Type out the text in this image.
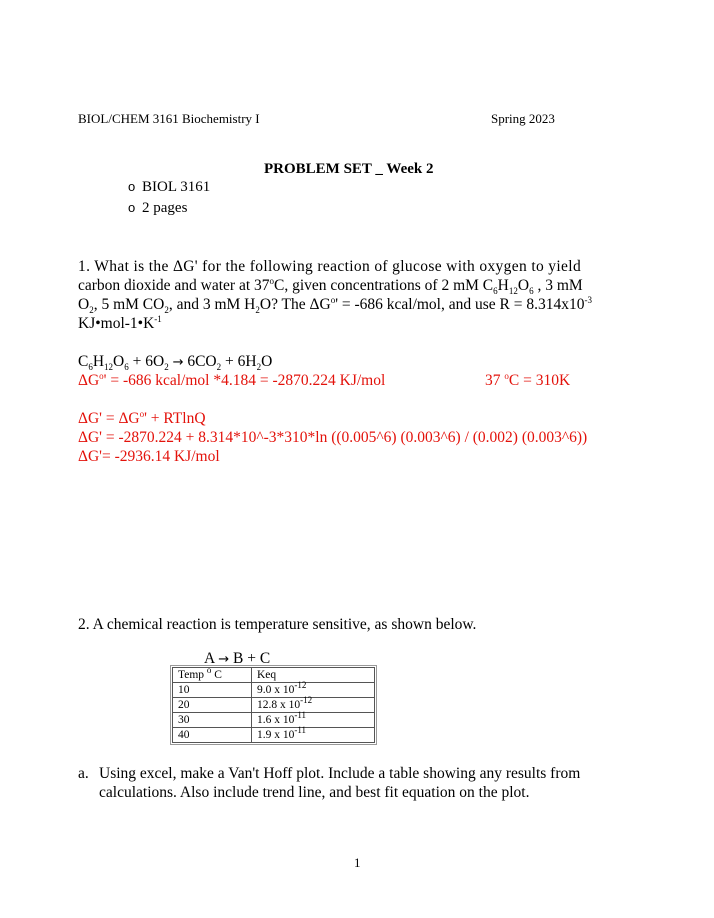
BIOL/CHEM 3161 Biochemistry I	Spring 2023
PROBLEM SET _ Week 2
o BIOL 3161
o 2 pages
1. What is the ΔG' for the following reaction of glucose with oxygen to yield
carbon dioxide and water at 37$^o$C, given concentrations of 2 mM $C_6H_{12}O_6$ , 3 mM
$O_2$, 5 mM $CO_2$, and 3 mM $H_2O$? The $\Delta G^o' = -686$ kcal/mol, and use $R = 8.314x10^{-3}$
$KJ•mol-1•K^{-1}$
$C_6H_{12}O_6 + 6O_2 \to 6CO_2 + 6H_2O$
$\Delta G^o' = -686$ kcal/mol *4.184 = -2870.224 KJ/mol	37 $^o$C = 310K
$\Delta G' = \Delta G^o' + RTlnQ$
ΔG' = -2870.224 + 8.314*10^-3*310*ln ((0.005^6) (0.003^6) / (0.002) (0.003^6))
ΔG'= -2936.14 KJ/mol
2. A chemical reaction is temperature sensitive, as shown below.
A → B + C
Temp $^o$ C	Keq
10	9.0 x $10^{-12}$
20	12.8 x $10^{-12}$
30	1.6 x $10^{-11}$
40	1.9 x $10^{-11}$
a. Using excel, make a Van't Hoff plot. Include a table showing any results from
calculations. Also include trend line, and best fit equation on the plot.
1
